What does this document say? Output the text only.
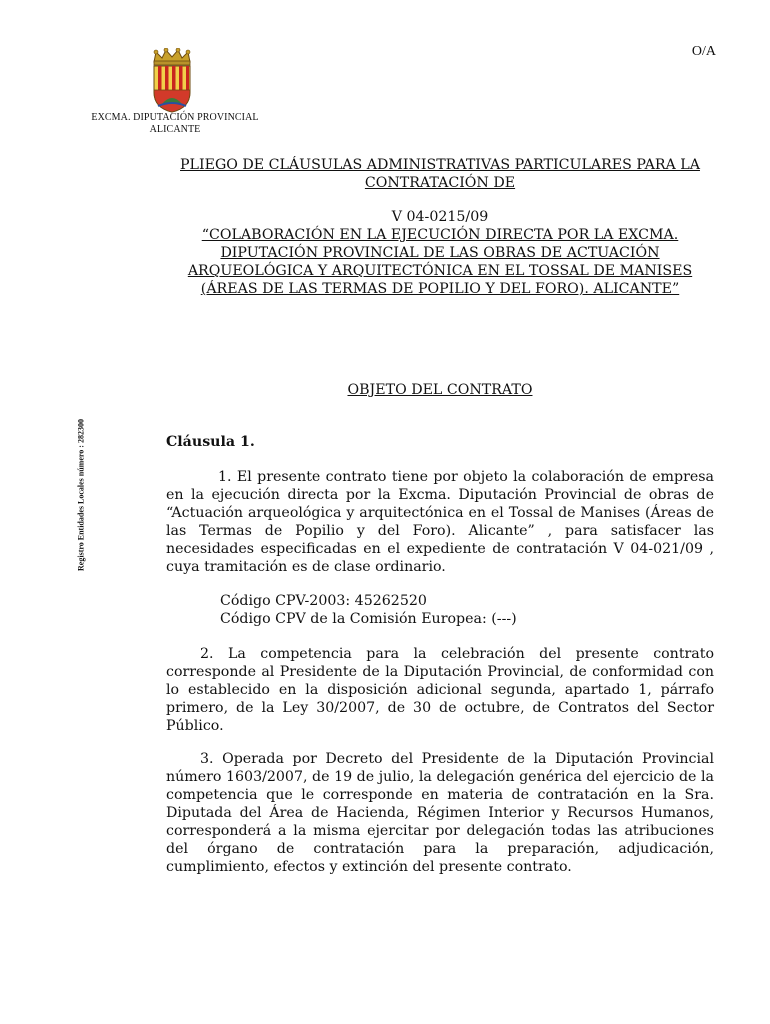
EXCMA. DIPUTACIÓN PROVINCIAL
ALICANTE
O/A
Registro Entidades Locales número : 282300
PLIEGO DE CLÁUSULAS ADMINISTRATIVAS PARTICULARES PARA LA
CONTRATACIÓN DE
V 04-0215/09
“COLABORACIÓN EN LA EJECUCIÓN DIRECTA POR LA EXCMA. DIPUTACIÓN PROVINCIAL DE LAS OBRAS DE ACTUACIÓN ARQUEOLÓGICA Y ARQUITECTÓNICA EN EL TOSSAL DE MANISES (ÁREAS DE LAS TERMAS DE POPILIO Y DEL FORO). ALICANTE”
OBJETO DEL CONTRATO
Cláusula 1.

1. El presente contrato tiene por objeto la colaboración de empresa en la ejecución directa por la Excma. Diputación Provincial de obras de “Actuación arqueológica y arquitectónica en el Tossal de Manises (Áreas de las Termas de Popilio y del Foro). Alicante” , para satisfacer las necesidades especificadas en el expediente de contratación V 04-021/09 , cuya tramitación es de clase ordinario.

Código CPV-2003: 45262520
Código CPV de la Comisión Europea: (---)

2. La competencia para la celebración del presente contrato corresponde al Presidente de la Diputación Provincial, de conformidad con lo establecido en la disposición adicional segunda, apartado 1, párrafo primero, de la Ley 30/2007, de 30 de octubre, de Contratos del Sector Público.

3. Operada por Decreto del Presidente de la Diputación Provincial número 1603/2007, de 19 de julio, la delegación genérica del ejercicio de la competencia que le corresponde en materia de contratación en la Sra. Diputada del Área de Hacienda, Régimen Interior y Recursos Humanos, corresponderá a la misma ejercitar por delegación todas las atribuciones del órgano de contratación para la preparación, adjudicación, cumplimiento, efectos y extinción del presente contrato.
